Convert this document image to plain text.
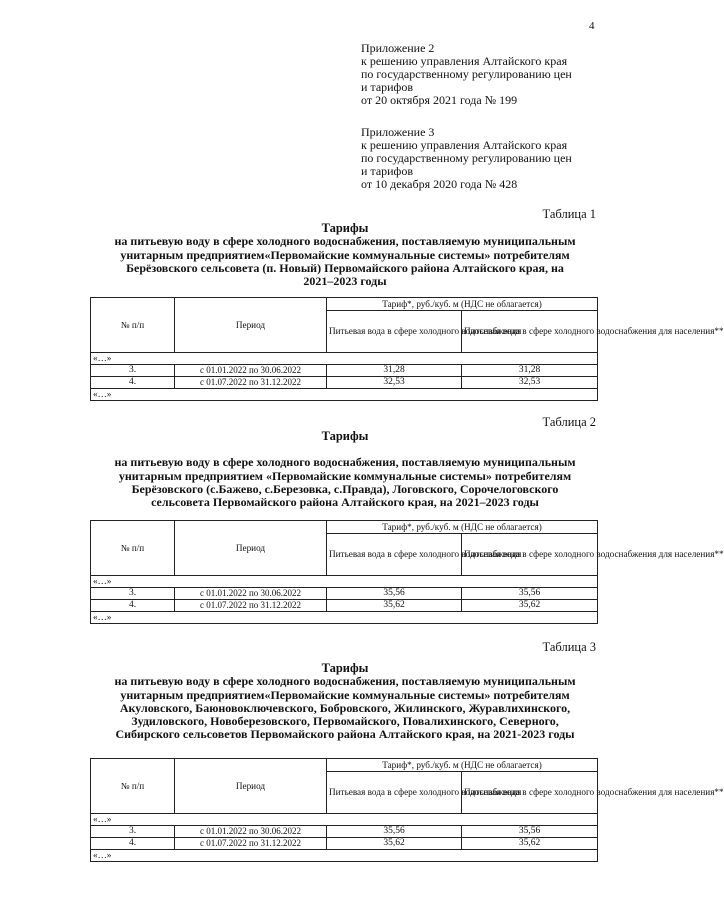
4
Приложение 2
к решению управления Алтайского края
по государственному регулированию цен
и тарифов
от 20 октября 2021 года № 199
Приложение 3
к решению управления Алтайского края
по государственному регулированию цен
и тарифов
от 10 декабря 2020 года № 428
Таблица 1
Тарифы
на питьевую воду в сфере холодного водоснабжения, поставляемую муниципальным
унитарным предприятием«Первомайские коммунальные системы» потребителям
Берёзовского сельсовета (п. Новый) Первомайского района Алтайского края, на
2021–2023 годы
№ п/п	Период	Тариф*, руб./куб. м (НДС не облагается)	
		Питьевая вода в сфере холодного водоснабжения	Питьевая вода в сфере холодного водоснабжения для населения**
«…»			
3.	с 01.01.2022 по 30.06.2022	31,28	31,28
4.	с 01.07.2022 по 31.12.2022	32,53	32,53
«…»			
Таблица 2
Тарифы
на питьевую воду в сфере холодного водоснабжения, поставляемую муниципальным
унитарным предприятием «Первомайские коммунальные системы» потребителям
Берёзовского (с.Бажево, с.Березовка, с.Правда), Логовского, Сорочелоговского
сельсовета Первомайского района Алтайского края, на 2021–2023 годы
№ п/п	Период	Тариф*, руб./куб. м (НДС не облагается)	
		Питьевая вода в сфере холодного водоснабжения	Питьевая вода в сфере холодного водоснабжения для населения**
«…»			
3.	с 01.01.2022 по 30.06.2022	35,56	35,56
4.	с 01.07.2022 по 31.12.2022	35,62	35,62
«…»			
Таблица 3
Тарифы
на питьевую воду в сфере холодного водоснабжения, поставляемую муниципальным
унитарным предприятием«Первомайские коммунальные системы» потребителям
Акуловского, Баюновоключевского, Бобровского, Жилинского, Журавлихинского,
Зудиловского, Новоберезовского, Первомайского, Повалихинского, Северного,
Сибирского сельсоветов Первомайского района Алтайского края, на 2021-2023 годы
№ п/п	Период	Тариф*, руб./куб. м (НДС не облагается)	
		Питьевая вода в сфере холодного водоснабжения	Питьевая вода в сфере холодного водоснабжения для населения**
«…»			
3.	с 01.01.2022 по 30.06.2022	35,56	35,56
4.	с 01.07.2022 по 31.12.2022	35,62	35,62
«…»			
